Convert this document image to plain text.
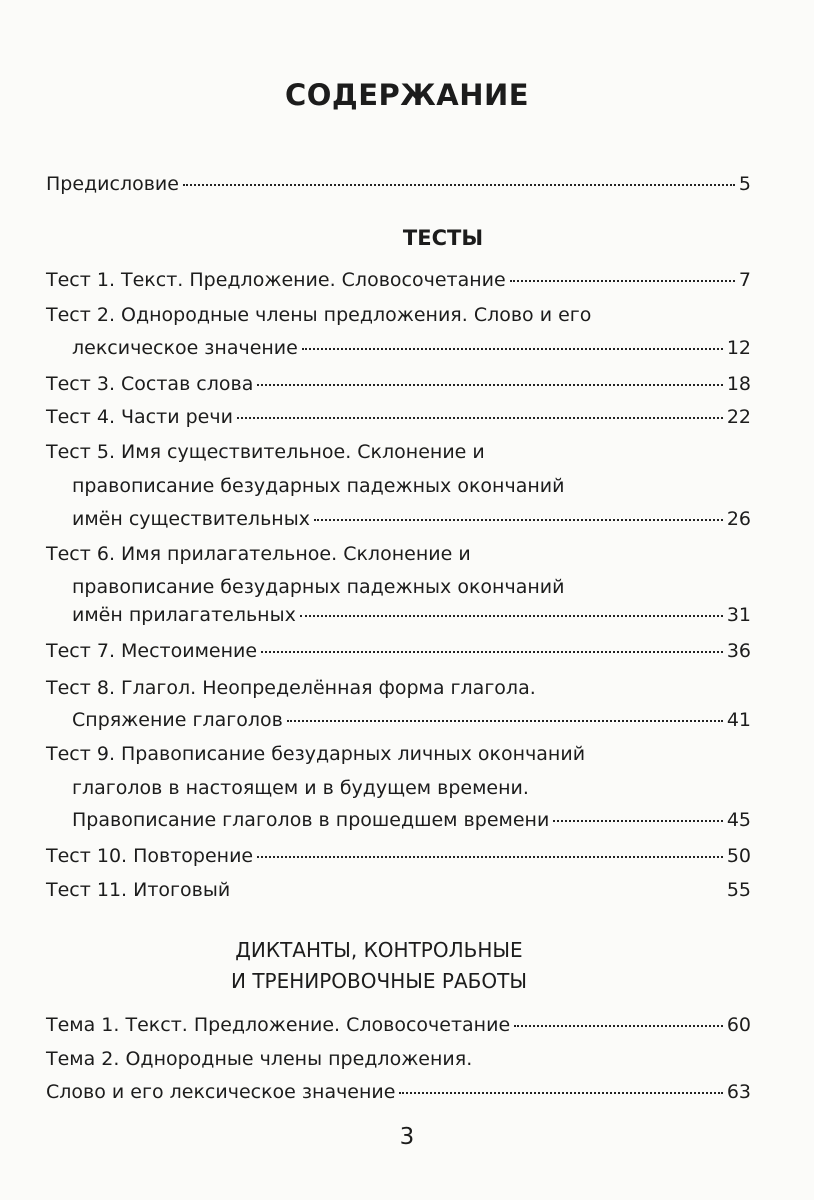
СОДЕРЖАНИЕ
Предисловие	5
ТЕСТЫ
Тест 1. Текст. Предложение. Словосочетание	7
Тест 2. Однородные члены предложения. Слово и его
лексическое значение	12
Тест 3. Состав слова	18
Тест 4. Части речи	22
Тест 5. Имя существительное. Склонение и
правописание безударных падежных окончаний
имён существительных	26
Тест 6. Имя прилагательное. Склонение и
правописание безударных падежных окончаний
имён прилагательных	31
Тест 7. Местоимение	36
Тест 8. Глагол. Неопределённая форма глагола.
Спряжение глаголов	41
Тест 9. Правописание безударных личных окончаний
глаголов в настоящем и в будущем времени.
Правописание глаголов в прошедшем времени	45
Тест 10. Повторение	50
Тест 11. Итоговый	55
ДИКТАНТЫ, КОНТРОЛЬНЫЕ
И ТРЕНИРОВОЧНЫЕ РАБОТЫ
Тема 1. Текст. Предложение. Словосочетание	60
Тема 2. Однородные члены предложения.
Слово и его лексическое значение	63
3
